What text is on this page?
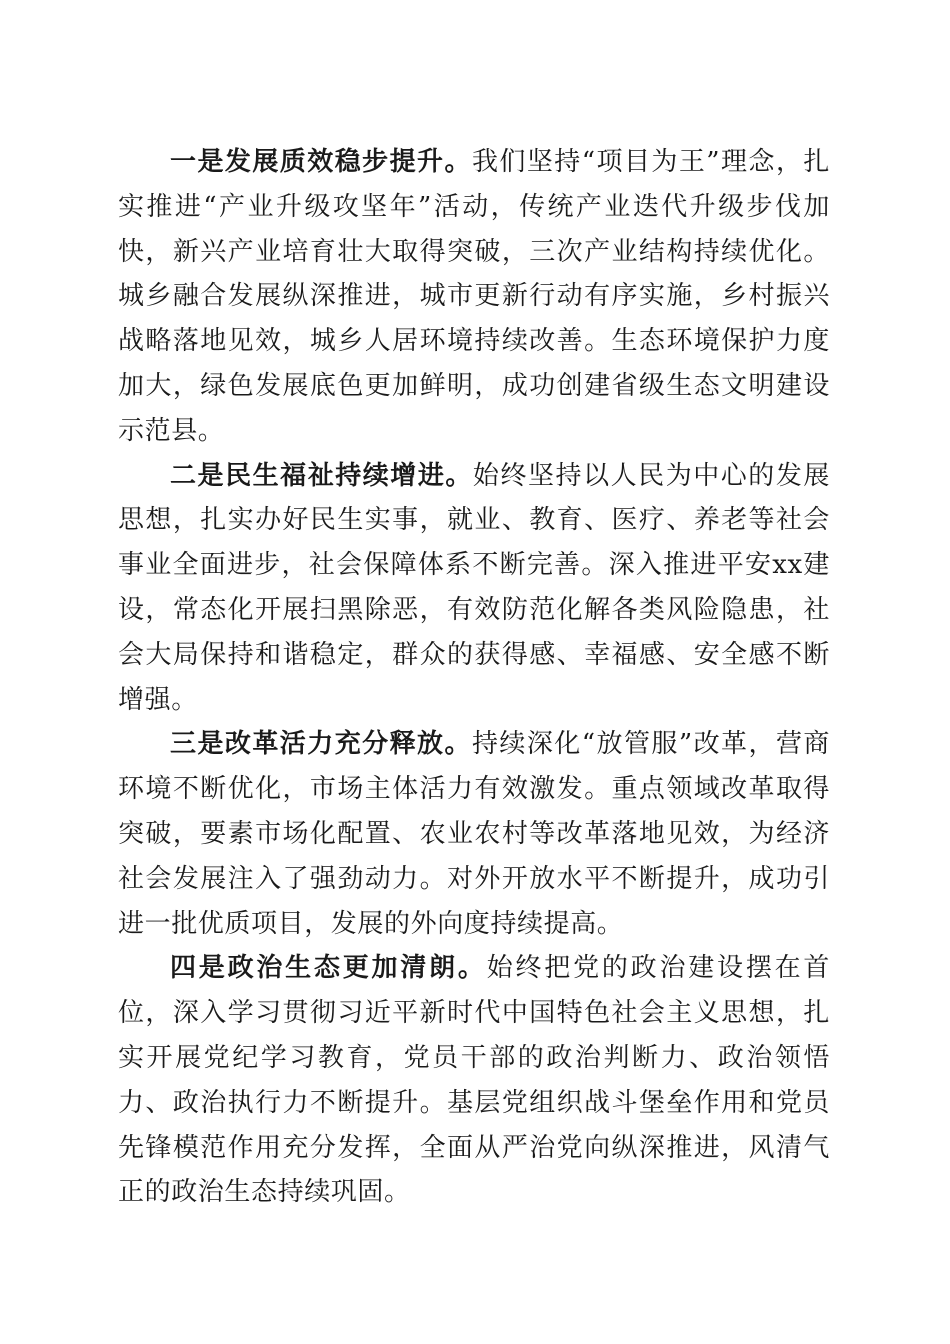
一是发展质效稳步提升。我们坚持“项目为王”理念，扎实推进“产业升级攻坚年”活动，传统产业迭代升级步伐加快，新兴产业培育壮大取得突破，三次产业结构持续优化。城乡融合发展纵深推进，城市更新行动有序实施，乡村振兴战略落地见效，城乡人居环境持续改善。生态环境保护力度加大，绿色发展底色更加鲜明，成功创建省级生态文明建设示范县。

二是民生福祉持续增进。始终坚持以人民为中心的发展思想，扎实办好民生实事，就业、教育、医疗、养老等社会事业全面进步，社会保障体系不断完善。深入推进平安xx建设，常态化开展扫黑除恶，有效防范化解各类风险隐患，社会大局保持和谐稳定，群众的获得感、幸福感、安全感不断增强。

三是改革活力充分释放。持续深化“放管服”改革，营商环境不断优化，市场主体活力有效激发。重点领域改革取得突破，要素市场化配置、农业农村等改革落地见效，为经济社会发展注入了强劲动力。对外开放水平不断提升，成功引进一批优质项目，发展的外向度持续提高。

四是政治生态更加清朗。始终把党的政治建设摆在首位，深入学习贯彻习近平新时代中国特色社会主义思想，扎实开展党纪学习教育，党员干部的政治判断力、政治领悟力、政治执行力不断提升。基层党组织战斗堡垒作用和党员先锋模范作用充分发挥，全面从严治党向纵深推进，风清气正的政治生态持续巩固。
